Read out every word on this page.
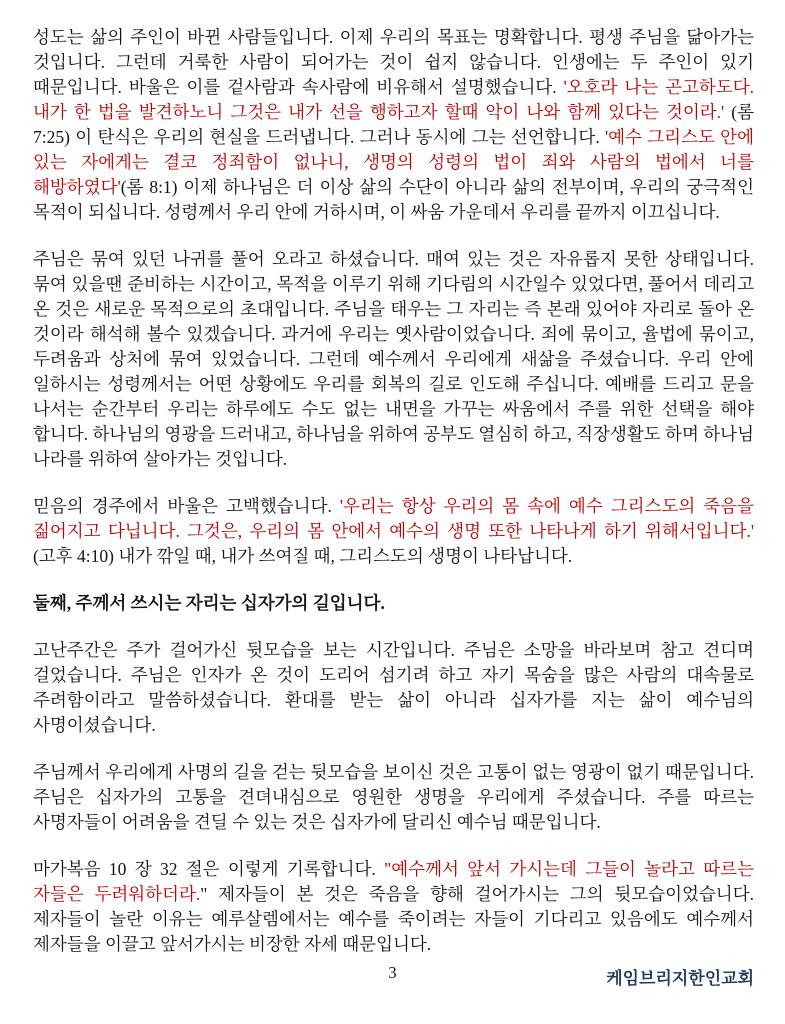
성도는 삶의 주인이 바뀐 사람들입니다. 이제 우리의 목표는 명확합니다. 평생 주님을 닮아가는 것입니다. 그런데 거룩한 사람이 되어가는 것이 쉽지 않습니다. 인생에는 두 주인이 있기 때문입니다. 바울은 이를 겉사람과 속사람에 비유해서 설명했습니다. '오호라 나는 곤고하도다. 내가 한 법을 발견하노니 그것은 내가 선을 행하고자 할때 악이 나와 함께 있다는 것이라.' (롬 7:25) 이 탄식은 우리의 현실을 드러냅니다. 그러나 동시에 그는 선언합니다. '예수 그리스도 안에 있는 자에게는 결코 정죄함이 없나니, 생명의 성령의 법이 죄와 사람의 법에서 너를 해방하였다'(롬 8:1) 이제 하나님은 더 이상 삶의 수단이 아니라 삶의 전부이며, 우리의 궁극적인 목적이 되십니다. 성령께서 우리 안에 거하시며, 이 싸움 가운데서 우리를 끝까지 이끄십니다.

주님은 묶여 있던 나귀를 풀어 오라고 하셨습니다. 매여 있는 것은 자유롭지 못한 상태입니다. 묶여 있을땐 준비하는 시간이고, 목적을 이루기 위해 기다림의 시간일수 있었다면, 풀어서 데리고 온 것은 새로운 목적으로의 초대입니다. 주님을 태우는 그 자리는 즉 본래 있어야 자리로 돌아 온 것이라 해석해 볼수 있겠습니다. 과거에 우리는 옛사람이었습니다. 죄에 묶이고, 율법에 묶이고, 두려움과 상처에 묶여 있었습니다. 그런데 예수께서 우리에게 새삶을 주셨습니다. 우리 안에 일하시는 성령께서는 어떤 상황에도 우리를 회복의 길로 인도해 주십니다. 예배를 드리고 문을 나서는 순간부터 우리는 하루에도 수도 없는 내면을 가꾸는 싸움에서 주를 위한 선택을 해야 합니다. 하나님의 영광을 드러내고, 하나님을 위하여 공부도 열심히 하고, 직장생활도 하며 하나님 나라를 위하여 살아가는 것입니다.

믿음의 경주에서 바울은 고백했습니다. '우리는 항상 우리의 몸 속에 예수 그리스도의 죽음을 짊어지고 다닙니다. 그것은, 우리의 몸 안에서 예수의 생명 또한 나타나게 하기 위해서입니다.' (고후 4:10) 내가 깎일 때, 내가 쓰여질 때, 그리스도의 생명이 나타납니다.

둘째, 주께서 쓰시는 자리는 십자가의 길입니다.

고난주간은 주가 걸어가신 뒷모습을 보는 시간입니다. 주님은 소망을 바라보며 참고 견디며 걸었습니다. 주님은 인자가 온 것이 도리어 섬기려 하고 자기 목숨을 많은 사람의 대속물로 주려함이라고 말씀하셨습니다. 환대를 받는 삶이 아니라 십자가를 지는 삶이 예수님의 사명이셨습니다.

주님께서 우리에게 사명의 길을 걷는 뒷모습을 보이신 것은 고통이 없는 영광이 없기 때문입니다. 주님은 십자가의 고통을 견뎌내심으로 영원한 생명을 우리에게 주셨습니다. 주를 따르는 사명자들이 어려움을 견딜 수 있는 것은 십자가에 달리신 예수님 때문입니다.

마가복음 10 장 32 절은 이렇게 기록합니다. "예수께서 앞서 가시는데 그들이 놀라고 따르는 자들은 두려워하더라." 제자들이 본 것은 죽음을 향해 걸어가시는 그의 뒷모습이었습니다. 제자들이 놀란 이유는 예루살렘에서는 예수를 죽이려는 자들이 기다리고 있음에도 예수께서 제자들을 이끌고 앞서가시는 비장한 자세 때문입니다.

3	케임브리지한인교회
